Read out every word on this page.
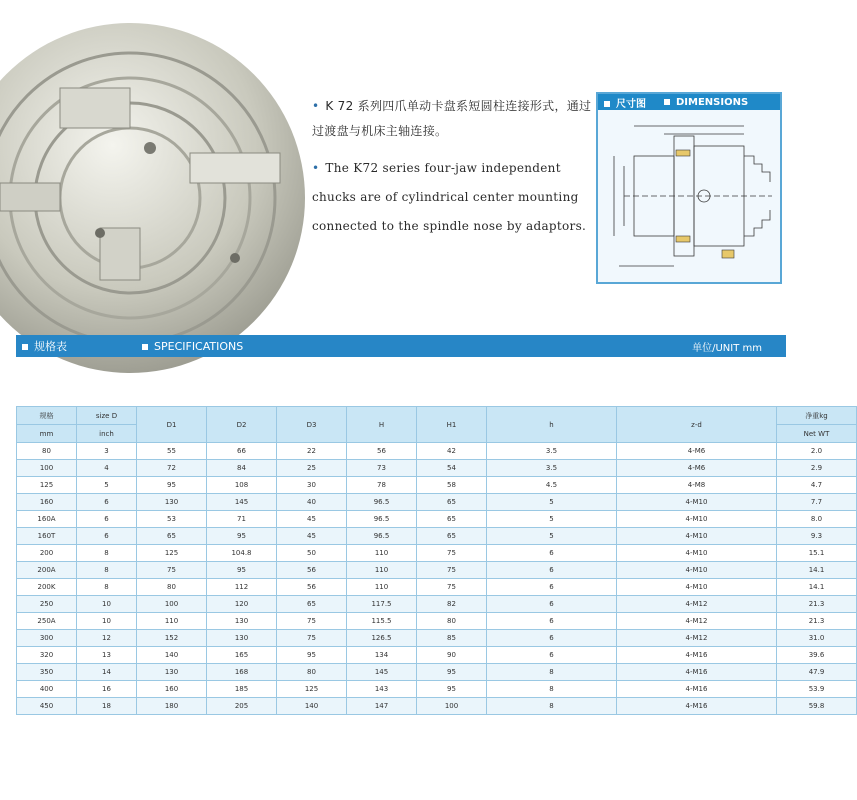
• K 72 系列四爪单动卡盘系短圆柱连接形式，通过过渡盘与机床主轴连接。

• The K72 series four-jaw independent chucks are of cylindrical center mounting connected to the spindle nose by adaptors.

尺寸图	DIMENSIONS
规格表	SPECIFICATIONS	单位/UNIT mm
规格	size D	D1	D2	D3	H	H1	h	z-d	净重kg
mm	inch								Net WT
80	3	55	66	22	56	42	3.5	4-M6	2.0
100	4	72	84	25	73	54	3.5	4-M6	2.9
125	5	95	108	30	78	58	4.5	4-M8	4.7
160	6	130	145	40	96.5	65	5	4-M10	7.7
160A	6	53	71	45	96.5	65	5	4-M10	8.0
160T	6	65	95	45	96.5	65	5	4-M10	9.3
200	8	125	104.8	50	110	75	6	4-M10	15.1
200A	8	75	95	56	110	75	6	4-M10	14.1
200K	8	80	112	56	110	75	6	4-M10	14.1
250	10	100	120	65	117.5	82	6	4-M12	21.3
250A	10	110	130	75	115.5	80	6	4-M12	21.3
300	12	152	130	75	126.5	85	6	4-M12	31.0
320	13	140	165	95	134	90	6	4-M16	39.6
350	14	130	168	80	145	95	8	4-M16	47.9
400	16	160	185	125	143	95	8	4-M16	53.9
450	18	180	205	140	147	100	8	4-M16	59.8
